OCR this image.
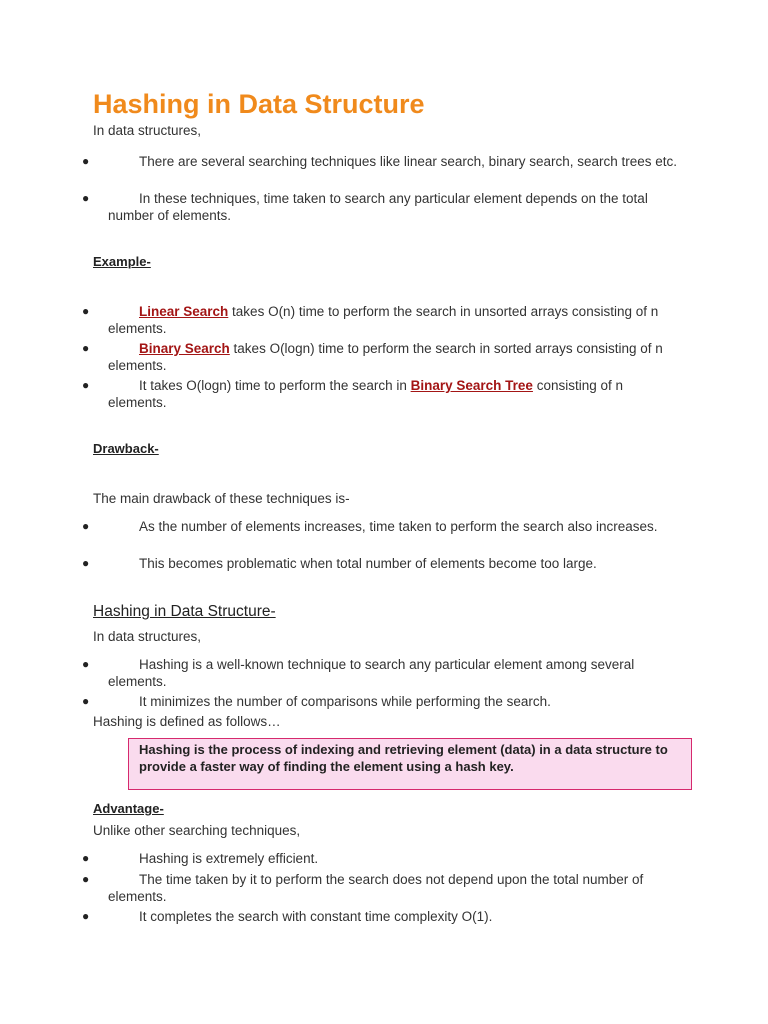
Hashing in Data Structure

In data structures,

●	There are several searching techniques like linear search, binary search, search trees etc.

●	In these techniques, time taken to search any particular element depends on the total number of elements.

Example-

●	Linear Search takes O(n) time to perform the search in unsorted arrays consisting of n elements.

●	Binary Search takes O(logn) time to perform the search in sorted arrays consisting of n elements.

●	It takes O(logn) time to perform the search in Binary Search Tree consisting of n elements.

Drawback-

The main drawback of these techniques is-

●	As the number of elements increases, time taken to perform the search also increases.

●	This becomes problematic when total number of elements become too large.

Hashing in Data Structure-

In data structures,

●	Hashing is a well-known technique to search any particular element among several elements.

●	It minimizes the number of comparisons while performing the search.

Hashing is defined as follows…

Hashing is the process of indexing and retrieving element (data) in a data structure to provide a faster way of finding the element using a hash key.

Advantage-

Unlike other searching techniques,

●	Hashing is extremely efficient.

●	The time taken by it to perform the search does not depend upon the total number of elements.

●	It completes the search with constant time complexity O(1).
